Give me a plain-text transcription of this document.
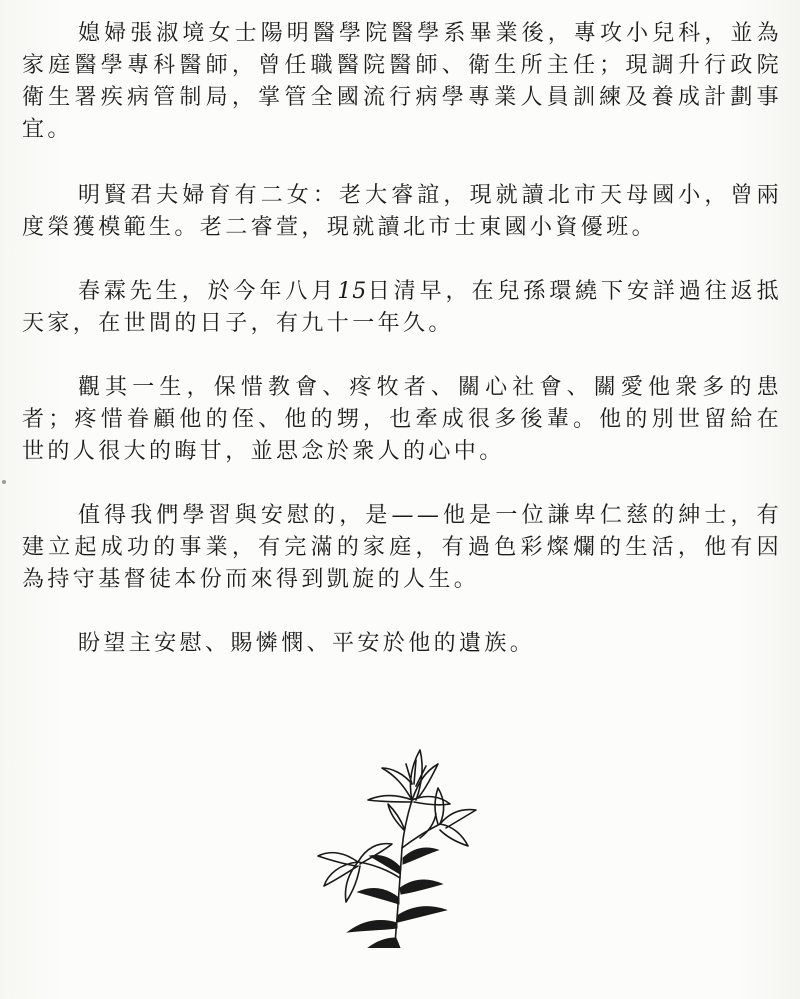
媳婦張淑境女士陽明醫學院醫學系畢業後，專攻小兒科，並為家庭醫學專科醫師，曾任職醫院醫師、衛生所主任；現調升行政院衛生署疾病管制局，掌管全國流行病學專業人員訓練及養成計劃事宜。

明賢君夫婦育有二女：老大睿誼，現就讀北市天母國小，曾兩度榮獲模範生。老二睿萱，現就讀北市士東國小資優班。

春霖先生，於今年八月15日清早，在兒孫環繞下安詳過往返抵天家，在世間的日子，有九十一年久。

觀其一生，保惜教會、疼牧者、關心社會、關愛他衆多的患者；疼惜眷顧他的侄、他的甥，也牽成很多後輩。他的別世留給在世的人很大的晦甘，並思念於衆人的心中。

值得我們學習與安慰的，是——他是一位謙卑仁慈的紳士，有建立起成功的事業，有完滿的家庭，有過色彩燦爛的生活，他有因為持守基督徒本份而來得到凱旋的人生。

盼望主安慰、賜憐憫、平安於他的遺族。
